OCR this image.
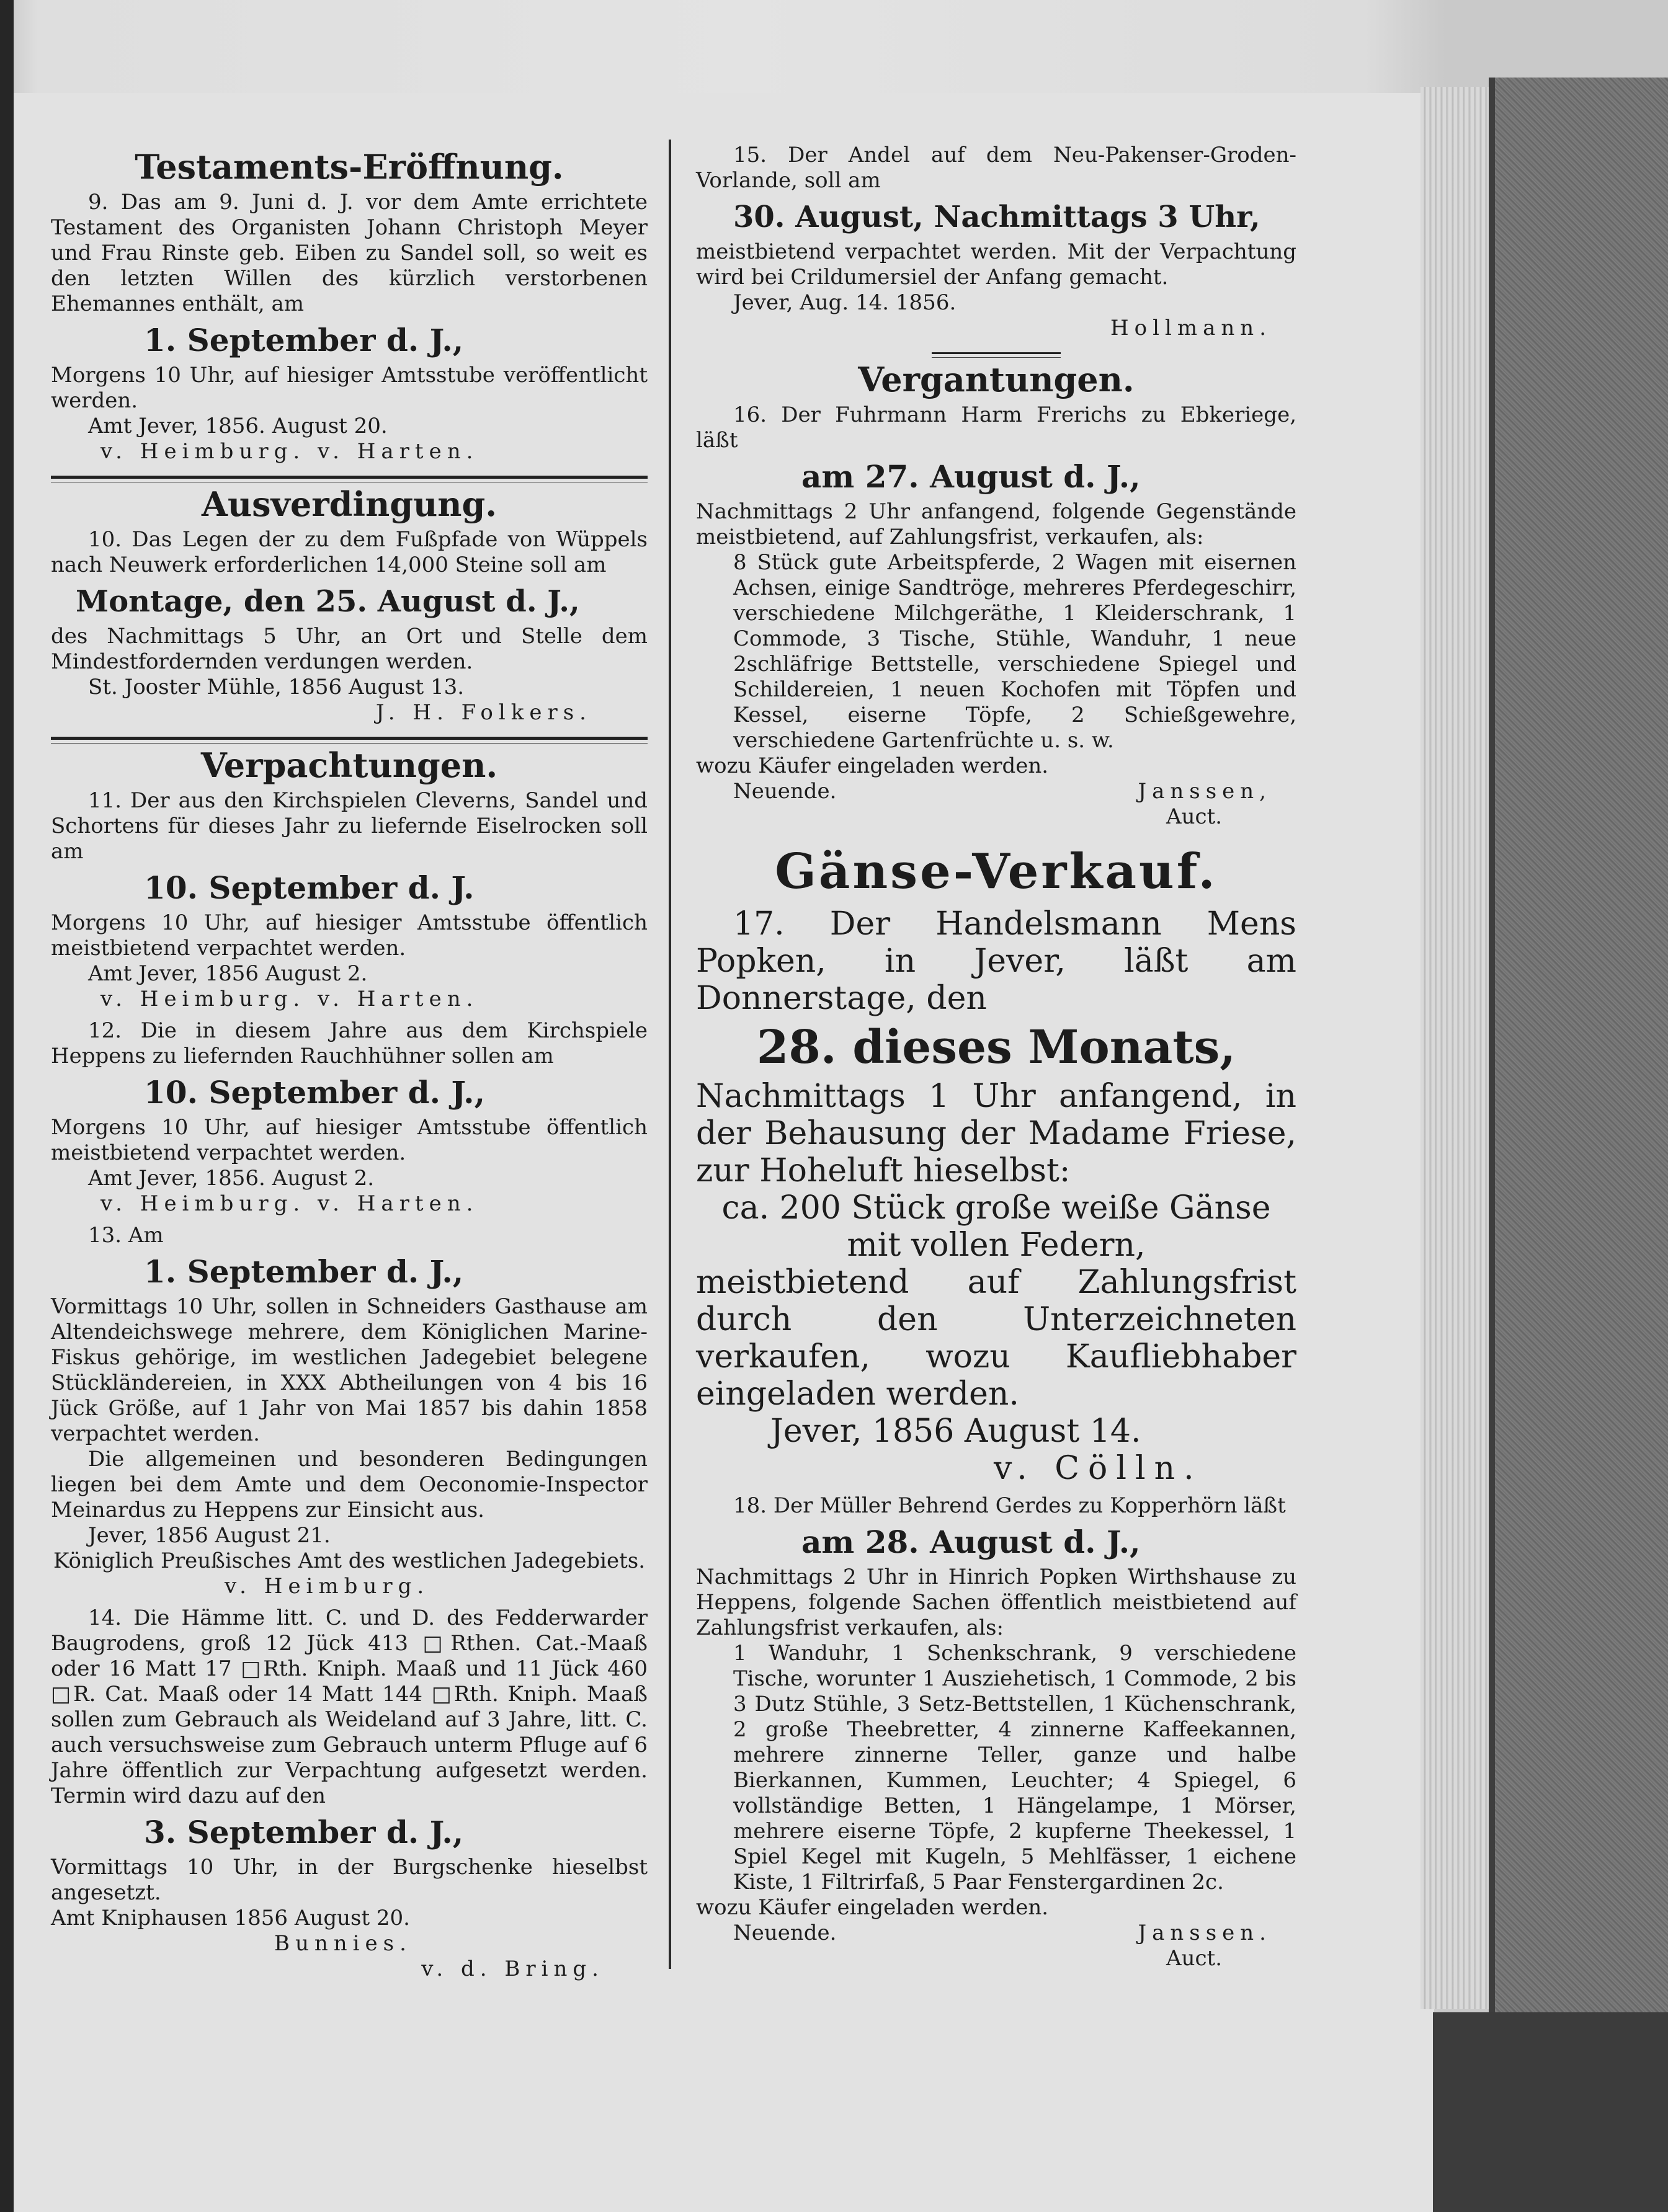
Testaments-Eröffnung.

9. Das am 9. Juni d. J. vor dem Amte errichtete Testament des Organisten Johann Christoph Meyer und Frau Rinste geb. Eiben zu Sandel soll, so weit es den letzten Willen des kürzlich verstorbenen Ehemannes enthält, am

1. September d. J.,

Morgens 10 Uhr, auf hiesiger Amtsstube veröffentlicht werden.

Amt Jever, 1856. August 20.

v. Heimburg. v. Harten.

Ausverdingung.

10. Das Legen der zu dem Fußpfade von Wüppels nach Neuwerk erforderlichen 14,000 Steine soll am

Montage, den 25. August d. J.,

des Nachmittags 5 Uhr, an Ort und Stelle dem Mindestfordernden verdungen werden.

St. Jooster Mühle, 1856 August 13.

J. H. Folkers.

Verpachtungen.

11. Der aus den Kirchspielen Cleverns, Sandel und Schortens für dieses Jahr zu liefernde Eiselrocken soll am

10. September d. J.

Morgens 10 Uhr, auf hiesiger Amtsstube öffentlich meistbietend verpachtet werden.

Amt Jever, 1856 August 2.

v. Heimburg. v. Harten.

12. Die in diesem Jahre aus dem Kirchspiele Heppens zu liefernden Rauchhühner sollen am

10. September d. J.,

Morgens 10 Uhr, auf hiesiger Amtsstube öffentlich meistbietend verpachtet werden.

Amt Jever, 1856. August 2.

v. Heimburg. v. Harten.

13. Am

1. September d. J.,

Vormittags 10 Uhr, sollen in Schneiders Gasthause am Altendeichswege mehrere, dem Königlichen Marine-Fiskus gehörige, im westlichen Jadegebiet belegene Stückländereien, in XXX Abtheilungen von 4 bis 16 Jück Größe, auf 1 Jahr von Mai 1857 bis dahin 1858 verpachtet werden.

Die allgemeinen und besonderen Bedingungen liegen bei dem Amte und dem Oeconomie-Inspector Meinardus zu Heppens zur Einsicht aus.

Jever, 1856 August 21.

Königlich Preußisches Amt des westlichen Jadegebiets.

v. Heimburg.

14. Die Hämme litt. C. und D. des Fedderwarder Baugrodens, groß 12 Jück 413 □Rthen. Cat.-Maaß oder 16 Matt 17 □Rth. Kniph. Maaß und 11 Jück 460 □R. Cat. Maaß oder 14 Matt 144 □Rth. Kniph. Maaß sollen zum Gebrauch als Weideland auf 3 Jahre, litt. C. auch versuchsweise zum Gebrauch unterm Pfluge auf 6 Jahre öffentlich zur Verpachtung aufgesetzt werden. Termin wird dazu auf den

3. September d. J.,

Vormittags 10 Uhr, in der Burgschenke hieselbst angesetzt.

Amt Kniphausen 1856 August 20.

Bunnies.

v. d. Bring.

15. Der Andel auf dem Neu-Pakenser-Groden-Vorlande, soll am

30. August, Nachmittags 3 Uhr,

meistbietend verpachtet werden. Mit der Verpachtung wird bei Crildumersiel der Anfang gemacht.

Jever, Aug. 14. 1856.

Hollmann.

Vergantungen.

16. Der Fuhrmann Harm Frerichs zu Ebkeriege, läßt

am 27. August d. J.,

Nachmittags 2 Uhr anfangend, folgende Gegenstände meistbietend, auf Zahlungsfrist, verkaufen, als:

8 Stück gute Arbeitspferde, 2 Wagen mit eisernen Achsen, einige Sandtröge, mehreres Pferdegeschirr, verschiedene Milchgeräthe, 1 Kleiderschrank, 1 Commode, 3 Tische, Stühle, Wanduhr, 1 neue 2schläfrige Bettstelle, verschiedene Spiegel und Schildereien, 1 neuen Kochofen mit Töpfen und Kessel, eiserne Töpfe, 2 Schießgewehre, verschiedene Gartenfrüchte u. s. w.

wozu Käufer eingeladen werden.

Neuende.	Janssen,

Auct.

Gänse-Verkauf.

17. Der Handelsmann Mens Popken, in Jever, läßt am Donnerstage, den

28. dieses Monats,

Nachmittags 1 Uhr anfangend, in der Behausung der Madame Friese, zur Hoheluft hieselbst:

ca. 200 Stück große weiße Gänse mit vollen Federn,

meistbietend auf Zahlungsfrist durch den Unterzeichneten verkaufen, wozu Kaufliebhaber eingeladen werden.

Jever, 1856 August 14.

v. Cölln.

18. Der Müller Behrend Gerdes zu Kopperhörn läßt

am 28. August d. J.,

Nachmittags 2 Uhr in Hinrich Popken Wirthshause zu Heppens, folgende Sachen öffentlich meistbietend auf Zahlungsfrist verkaufen, als:

1 Wanduhr, 1 Schenkschrank, 9 verschiedene Tische, worunter 1 Ausziehetisch, 1 Commode, 2 bis 3 Dutz Stühle, 3 Setz-Bettstellen, 1 Küchenschrank, 2 große Theebretter, 4 zinnerne Kaffeekannen, mehrere zinnerne Teller, ganze und halbe Bierkannen, Kummen, Leuchter; 4 Spiegel, 6 vollständige Betten, 1 Hängelampe, 1 Mörser, mehrere eiserne Töpfe, 2 kupferne Theekessel, 1 Spiel Kegel mit Kugeln, 5 Mehlfässer, 1 eichene Kiste, 1 Filtrirfaß, 5 Paar Fenstergardinen 2c.

wozu Käufer eingeladen werden.

Neuende.	Janssen.

Auct.
